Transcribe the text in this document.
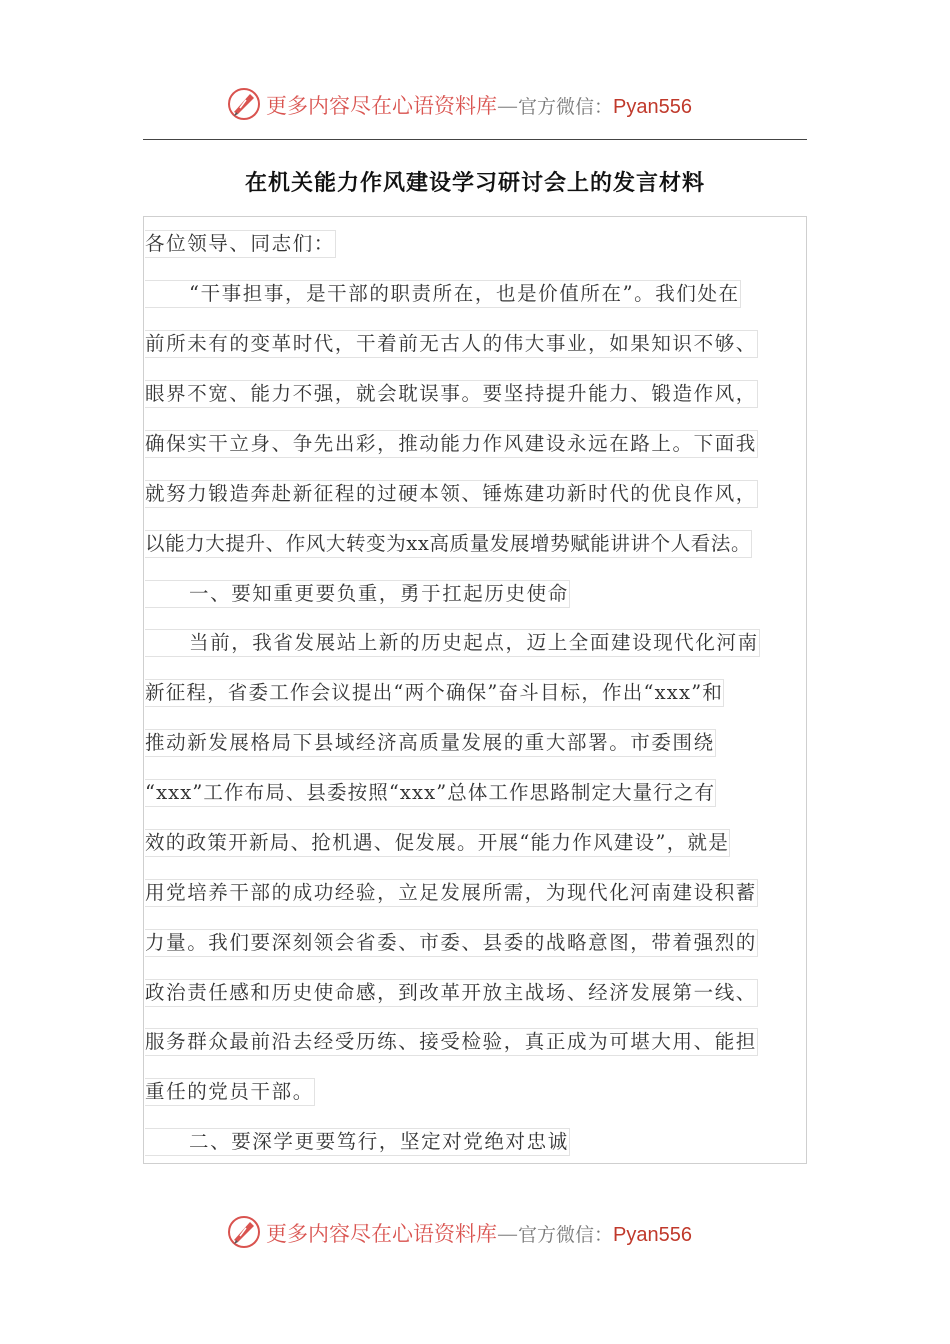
更多内容尽在心语资料库—官方微信：Pyan556
在机关能力作风建设学习研讨会上的发言材料
各位领导、同志们：
“干事担事，是干部的职责所在，也是价值所在”。我们处在
前所未有的变革时代，干着前无古人的伟大事业，如果知识不够、
眼界不宽、能力不强，就会耽误事。要坚持提升能力、锻造作风，
确保实干立身、争先出彩，推动能力作风建设永远在路上。下面我
就努力锻造奔赴新征程的过硬本领、锤炼建功新时代的优良作风，
以能力大提升、作风大转变为xx高质量发展增势赋能讲讲个人看法。
一、要知重更要负重，勇于扛起历史使命
当前，我省发展站上新的历史起点，迈上全面建设现代化河南
新征程，省委工作会议提出“两个确保”奋斗目标，作出“xxx”和
推动新发展格局下县域经济高质量发展的重大部署。市委围绕
“xxx”工作布局、县委按照“xxx”总体工作思路制定大量行之有
效的政策开新局、抢机遇、促发展。开展“能力作风建设”，就是
用党培养干部的成功经验，立足发展所需，为现代化河南建设积蓄
力量。我们要深刻领会省委、市委、县委的战略意图，带着强烈的
政治责任感和历史使命感，到改革开放主战场、经济发展第一线、
服务群众最前沿去经受历练、接受检验，真正成为可堪大用、能担
重任的党员干部。
二、要深学更要笃行，坚定对党绝对忠诚
更多内容尽在心语资料库—官方微信：Pyan556
